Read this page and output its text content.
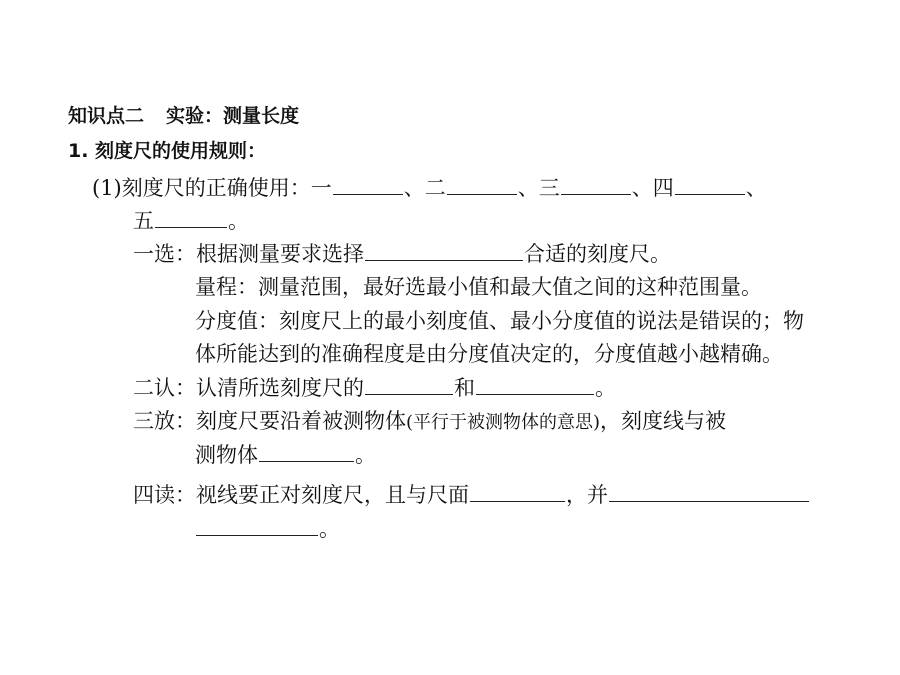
知识点二 实验：测量长度
1. 刻度尺的使用规则：
(1)刻度尺的正确使用：一	、二	、三	、四	、
五	。
一选：根据测量要求选择	合适的刻度尺。
量程：测量范围，最好选最小值和最大值之间的这种范围量。
分度值：刻度尺上的最小刻度值、最小分度值的说法是错误的；物
体所能达到的准确程度是由分度值决定的，分度值越小越精确。
二认：认清所选刻度尺的	和	。
三放：刻度尺要沿着被测物体(平行于被测物体的意思)，刻度线与被
测物体	。
四读：视线要正对刻度尺，且与尺面	，并
。
